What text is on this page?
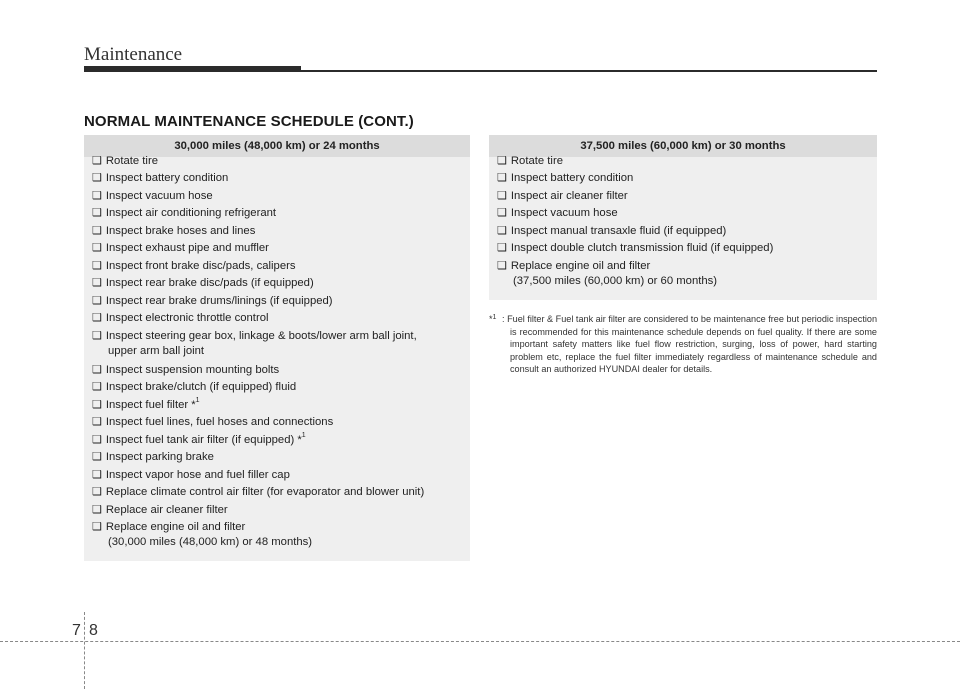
Maintenance
NORMAL MAINTENANCE SCHEDULE (CONT.)
30,000 miles (48,000 km) or 24 months
❑ Rotate tire
❑ Inspect battery condition
❑ Inspect vacuum hose
❑ Inspect air conditioning refrigerant
❑ Inspect brake hoses and lines
❑ Inspect exhaust pipe and muffler
❑ Inspect front brake disc/pads, calipers
❑ Inspect rear brake disc/pads (if equipped)
❑ Inspect rear brake drums/linings (if equipped)
❑ Inspect electronic throttle control
❑ Inspect steering gear box, linkage & boots/lower arm ball joint,
upper arm ball joint
❑ Inspect suspension mounting bolts
❑ Inspect brake/clutch (if equipped) fluid
❑ Inspect fuel filter *$^1$
❑ Inspect fuel lines, fuel hoses and connections
❑ Inspect fuel tank air filter (if equipped) *$^1$
❑ Inspect parking brake
❑ Inspect vapor hose and fuel filler cap
❑ Replace climate control air filter (for evaporator and blower unit)
❑ Replace air cleaner filter
❑ Replace engine oil and filter
(30,000 miles (48,000 km) or 48 months)
37,500 miles (60,000 km) or 30 months
❑ Rotate tire
❑ Inspect battery condition
❑ Inspect air cleaner filter
❑ Inspect vacuum hose
❑ Inspect manual transaxle fluid (if equipped)
❑ Inspect double clutch transmission fluid (if equipped)
❑ Replace engine oil and filter
(37,500 miles (60,000 km) or 60 months)
*$^1$ : Fuel filter & Fuel tank air filter are considered to be maintenance free but periodic inspection is recommended for this maintenance schedule depends on fuel quality. If there are some important safety matters like fuel flow restriction, surging, loss of power, hard starting problem etc, replace the fuel filter immediately regardless of maintenance schedule and consult an authorized HYUNDAI dealer for details.
7 8
